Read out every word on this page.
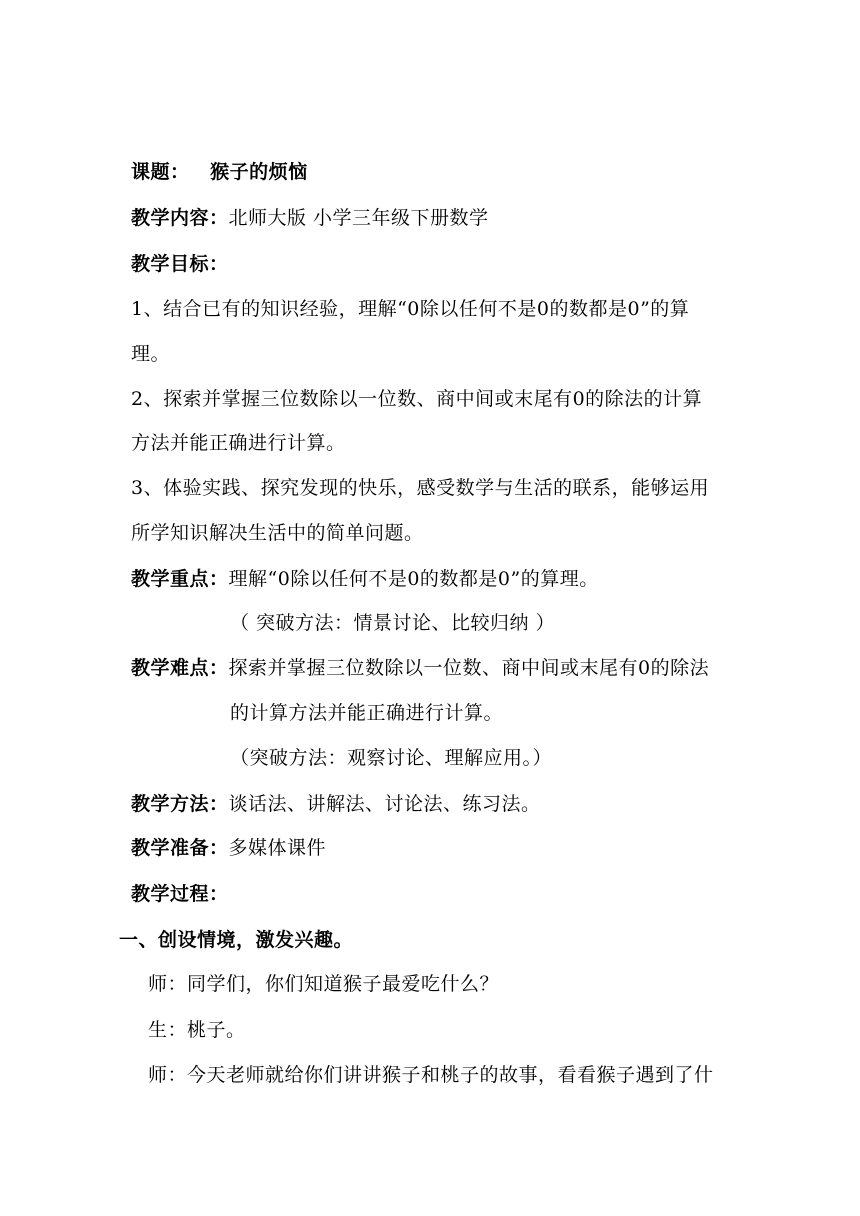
课题： 猴子的烦恼
教学内容：北师大版 小学三年级下册数学
教学目标：
1、结合已有的知识经验，理解“0除以任何不是0的数都是0”的算
理。
2、探索并掌握三位数除以一位数、商中间或末尾有0的除法的计算
方法并能正确进行计算。
3、体验实践、探究发现的快乐，感受数学与生活的联系，能够运用
所学知识解决生活中的简单问题。
教学重点：理解“0除以任何不是0的数都是0”的算理。
（ 突破方法：情景讨论、比较归纳 ）
教学难点：探索并掌握三位数除以一位数、商中间或末尾有0的除法
的计算方法并能正确进行计算。
（突破方法：观察讨论、理解应用。）
教学方法：谈话法、讲解法、讨论法、练习法。
教学准备：多媒体课件
教学过程：
一、创设情境，激发兴趣。
师：同学们，你们知道猴子最爱吃什么？
生：桃子。
师：今天老师就给你们讲讲猴子和桃子的故事，看看猴子遇到了什
